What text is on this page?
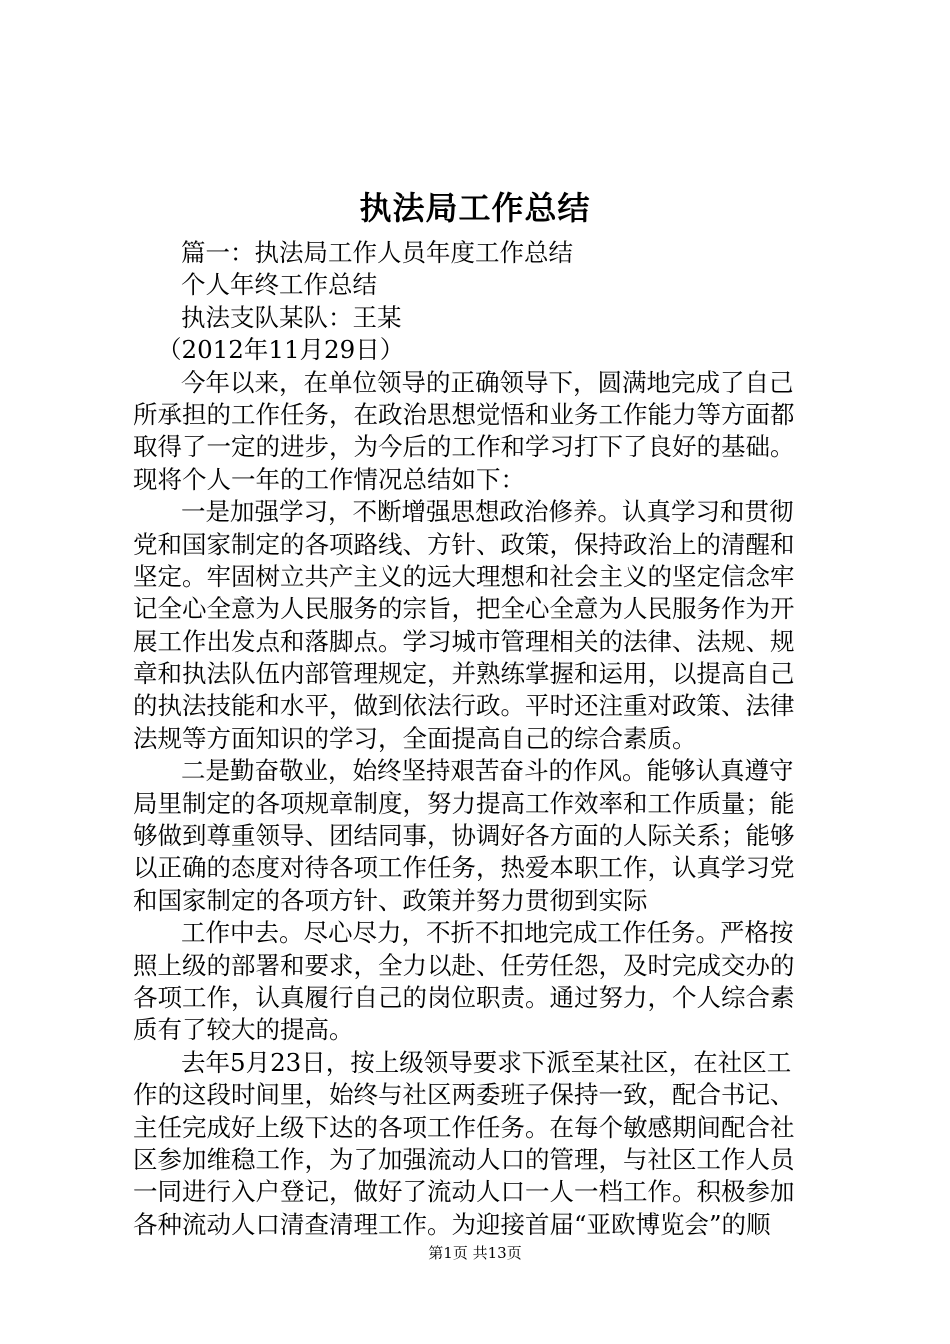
执法局工作总结
篇一：执法局工作人员年度工作总结
个人年终工作总结
执法支队某队：王某
（2012年11月29日）
今年以来，在单位领导的正确领导下，圆满地完成了自己
所承担的工作任务，在政治思想觉悟和业务工作能力等方面都
取得了一定的进步，为今后的工作和学习打下了良好的基础。
现将个人一年的工作情况总结如下：
一是加强学习，不断增强思想政治修养。认真学习和贯彻
党和国家制定的各项路线、方针、政策，保持政治上的清醒和
坚定。牢固树立共产主义的远大理想和社会主义的坚定信念牢
记全心全意为人民服务的宗旨，把全心全意为人民服务作为开
展工作出发点和落脚点。学习城市管理相关的法律、法规、规
章和执法队伍内部管理规定，并熟练掌握和运用，以提高自己
的执法技能和水平，做到依法行政。平时还注重对政策、法律
法规等方面知识的学习，全面提高自己的综合素质。
二是勤奋敬业，始终坚持艰苦奋斗的作风。能够认真遵守
局里制定的各项规章制度，努力提高工作效率和工作质量；能
够做到尊重领导、团结同事，协调好各方面的人际关系；能够
以正确的态度对待各项工作任务，热爱本职工作，认真学习党
和国家制定的各项方针、政策并努力贯彻到实际
工作中去。尽心尽力，不折不扣地完成工作任务。严格按
照上级的部署和要求，全力以赴、任劳任怨，及时完成交办的
各项工作，认真履行自己的岗位职责。通过努力，个人综合素
质有了较大的提高。
去年5月23日，按上级领导要求下派至某社区，在社区工
作的这段时间里，始终与社区两委班子保持一致，配合书记、
主任完成好上级下达的各项工作任务。在每个敏感期间配合社
区参加维稳工作，为了加强流动人口的管理，与社区工作人员
一同进行入户登记，做好了流动人口一人一档工作。积极参加
各种流动人口清查清理工作。为迎接首届“亚欧博览会”的顺
第1页 共13页
